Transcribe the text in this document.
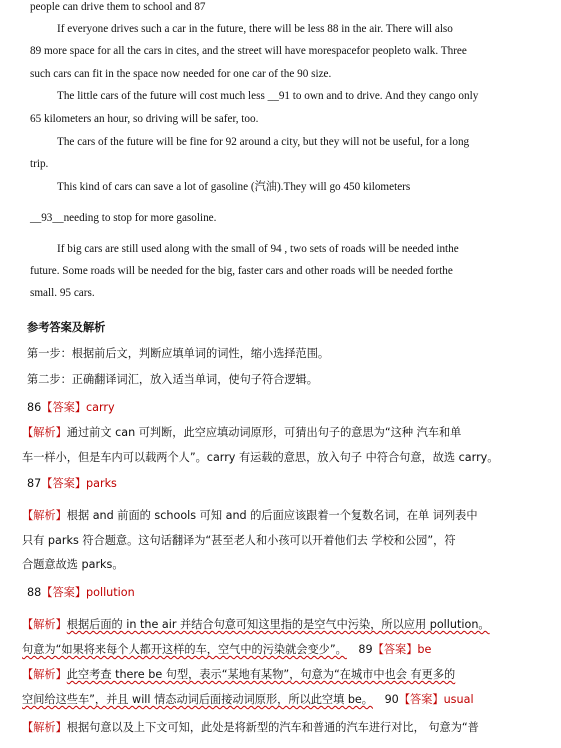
people can drive them to school and 87
If everyone drives such a car in the future, there will be less 88 in the air. There will also
89 more space for all the cars in cites, and the street will have morespacefor peopleto walk. Three
such cars can fit in the space now needed for one car of the 90 size.
The little cars of the future will cost much less __91 to own and to drive. And they cango only
65 kilometers an hour, so driving will be safer, too.
The cars of the future will be fine for 92 around a city, but they will not be useful, for a long
trip.
This kind of cars can save a lot of gasoline (汽油).They will go 450 kilometers
__93__needing to stop for more gasoline.
If big cars are still used along with the small of 94 , two sets of roads will be needed inthe
future. Some roads will be needed for the big, faster cars and other roads will be needed forthe
small. 95 cars.
参考答案及解析
第一步：根据前后文，判断应填单词的词性，缩小选择范围。
第二步：正确翻译词汇，放入适当单词，使句子符合逻辑。
86【答案】carry
【解析】通过前文 can 可判断，此空应填动词原形，可猜出句子的意思为“这种 汽车和单
车一样小，但是车内可以载两个人”。carry 有运载的意思，放入句子 中符合句意，故选 carry。
87【答案】parks
【解析】根据 and 前面的 schools 可知 and 的后面应该跟着一个复数名词，在单 词列表中
只有 parks 符合题意。这句话翻译为“甚至老人和小孩可以开着他们去 学校和公园”，符
合题意故选 parks。
88【答案】pollution
【解析】根据后面的 in the air 并结合句意可知这里指的是空气中污染，所以应用 pollution。
句意为“如果将来每个人都开这样的车，空气中的污染就会变少”。 89【答案】be
【解析】此空考查 there be 句型，表示“某地有某物”，句意为“在城市中也会 有更多的
空间给这些车”，并且 will 情态动词后面接动词原形，所以此空填 be。 90【答案】usual
【解析】根据句意以及上下文可知，此处是将新型的汽车和普通的汽车进行对比， 句意为“普
